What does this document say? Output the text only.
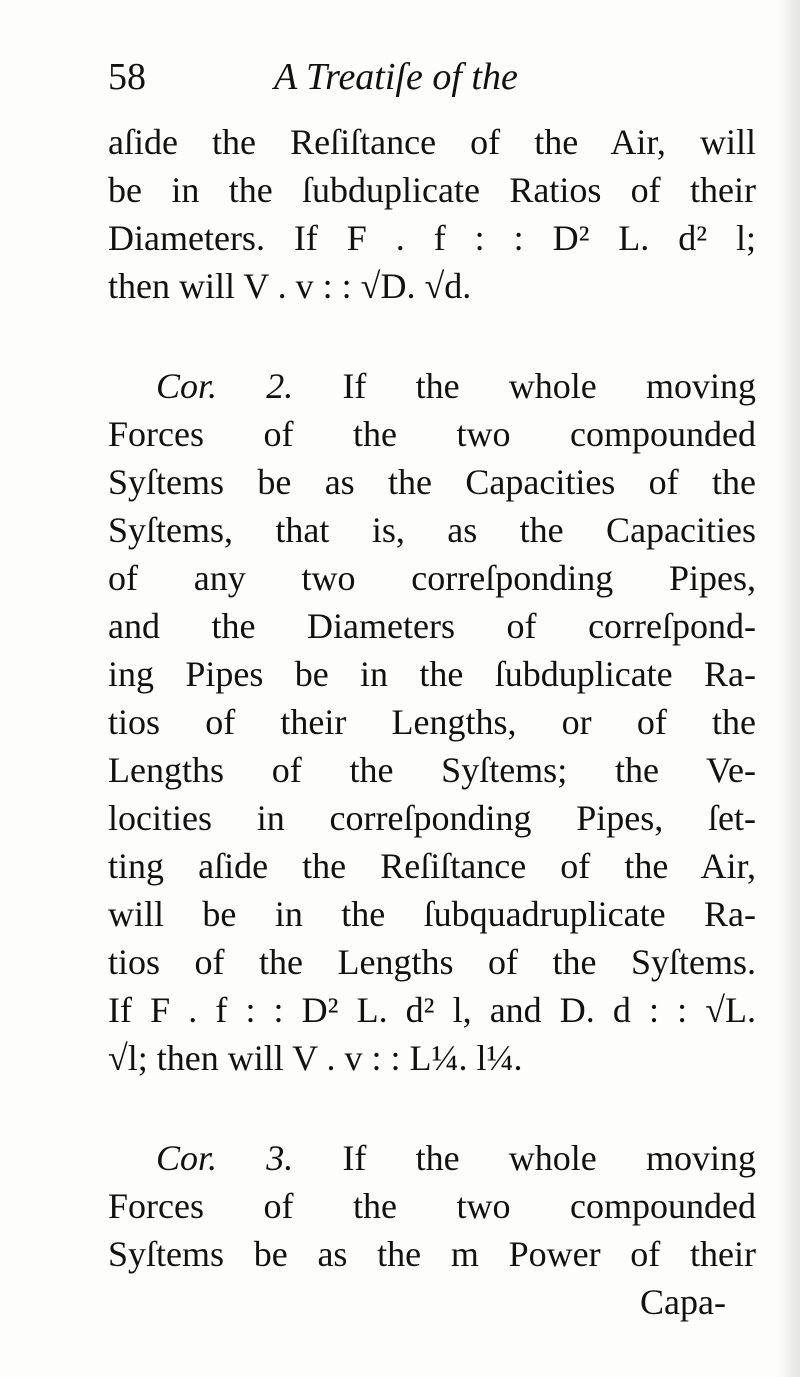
58	A Treatiſe of the
aſide the Reſiſtance of the Air, will
be in the ſubduplicate Ratios of their
Diameters. If F . f : : D² L. d² l;
then will V . v : : √D. √d.
Cor. 2. If the whole moving
Forces of the two compounded
Syſtems be as the Capacities of the
Syſtems, that is, as the Capacities
of any two correſponding Pipes,
and the Diameters of correſpond-
ing Pipes be in the ſubduplicate Ra-
tios of their Lengths, or of the
Lengths of the Syſtems; the Ve-
locities in correſponding Pipes, ſet-
ting aſide the Reſiſtance of the Air,
will be in the ſubquadruplicate Ra-
tios of the Lengths of the Syſtems.
If F . f : : D² L. d² l, and D. d : : √L.
√l; then will V . v : : L¼. l¼.
Cor. 3. If the whole moving
Forces of the two compounded
Syſtems be as the m Power of their
Capa-
